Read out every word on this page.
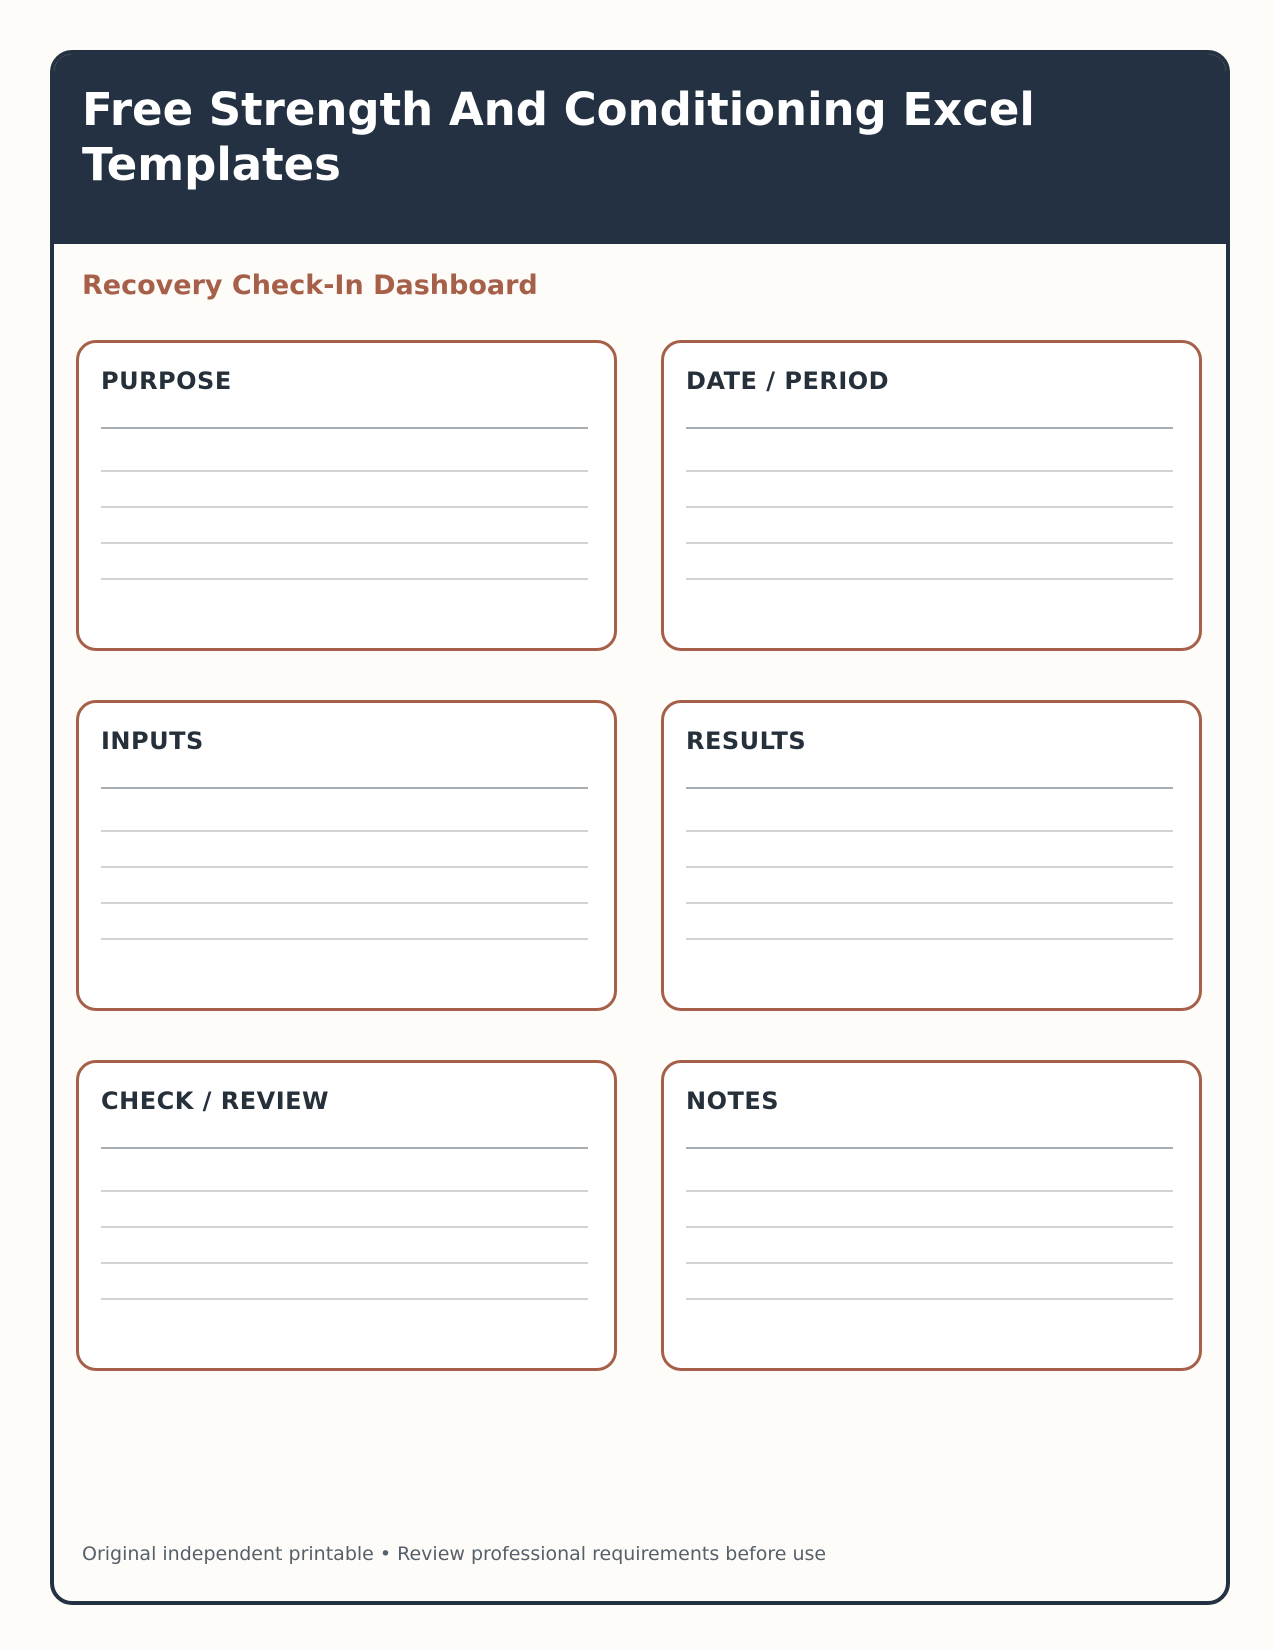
Free Strength And Conditioning Excel Templates
Recovery Check-In Dashboard
PURPOSE	DATE / PERIOD
INPUTS	RESULTS
CHECK / REVIEW	NOTES

Original independent printable • Review professional requirements before use
